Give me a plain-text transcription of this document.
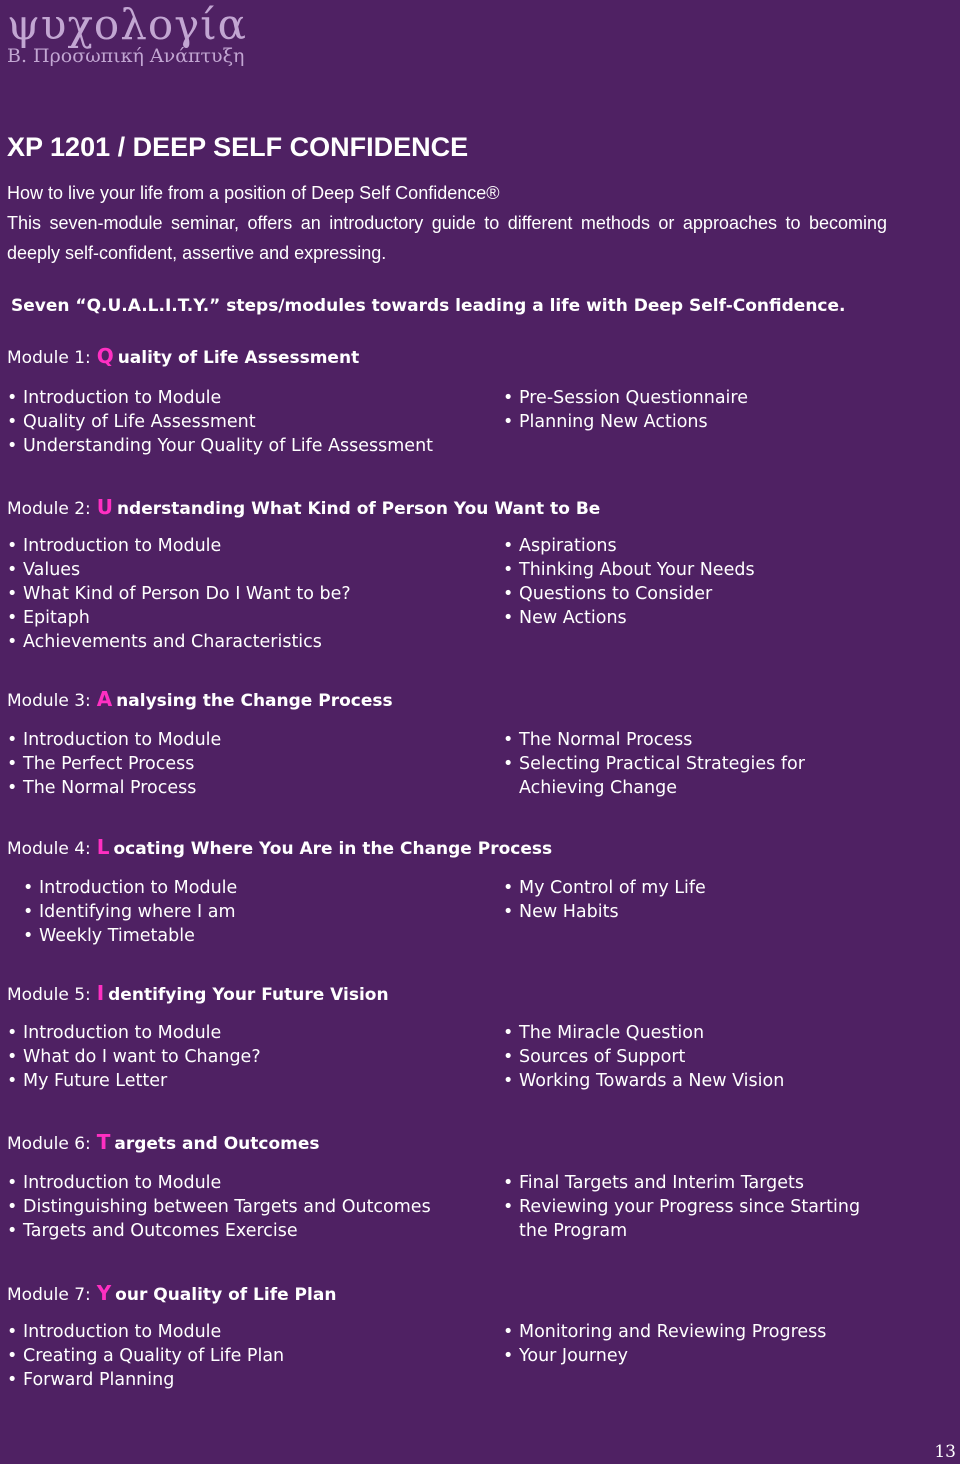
ψυχολογία
Β. Προσωπική Ανάπτυξη
XP 1201 / DEEP SELF CONFIDENCE

How to live your life from a position of Deep Self Confidence®

This seven-module seminar, offers an introductory guide to different methods or approaches to becoming deeply self-confident, assertive and expressing.

Seven “Q.U.A.L.I.T.Y.” steps/modules towards leading a life with Deep Self-Confidence.
Module 1: Q uality of Life Assessment
• Introduction to Module
• Quality of Life Assessment
• Understanding Your Quality of Life Assessment
• Pre-Session Questionnaire
• Planning New Actions
Module 2: U nderstanding What Kind of Person You Want to Be
• Introduction to Module
• Values
• What Kind of Person Do I Want to be?
• Epitaph
• Achievements and Characteristics
• Aspirations
• Thinking About Your Needs
• Questions to Consider
• New Actions
Module 3: A nalysing the Change Process
• Introduction to Module
• The Perfect Process
• The Normal Process
• The Normal Process
• Selecting Practical Strategies for Achieving Change
Module 4: L ocating Where You Are in the Change Process
• Introduction to Module
• Identifying where I am
• Weekly Timetable
• My Control of my Life
• New Habits
Module 5: I dentifying Your Future Vision
• Introduction to Module
• What do I want to Change?
• My Future Letter
• The Miracle Question
• Sources of Support
• Working Towards a New Vision
Module 6: T argets and Outcomes
• Introduction to Module
• Distinguishing between Targets and Outcomes
• Targets and Outcomes Exercise
• Final Targets and Interim Targets
• Reviewing your Progress since Starting the Program
Module 7: Y our Quality of Life Plan
• Introduction to Module
• Creating a Quality of Life Plan
• Forward Planning
• Monitoring and Reviewing Progress
• Your Journey
13
